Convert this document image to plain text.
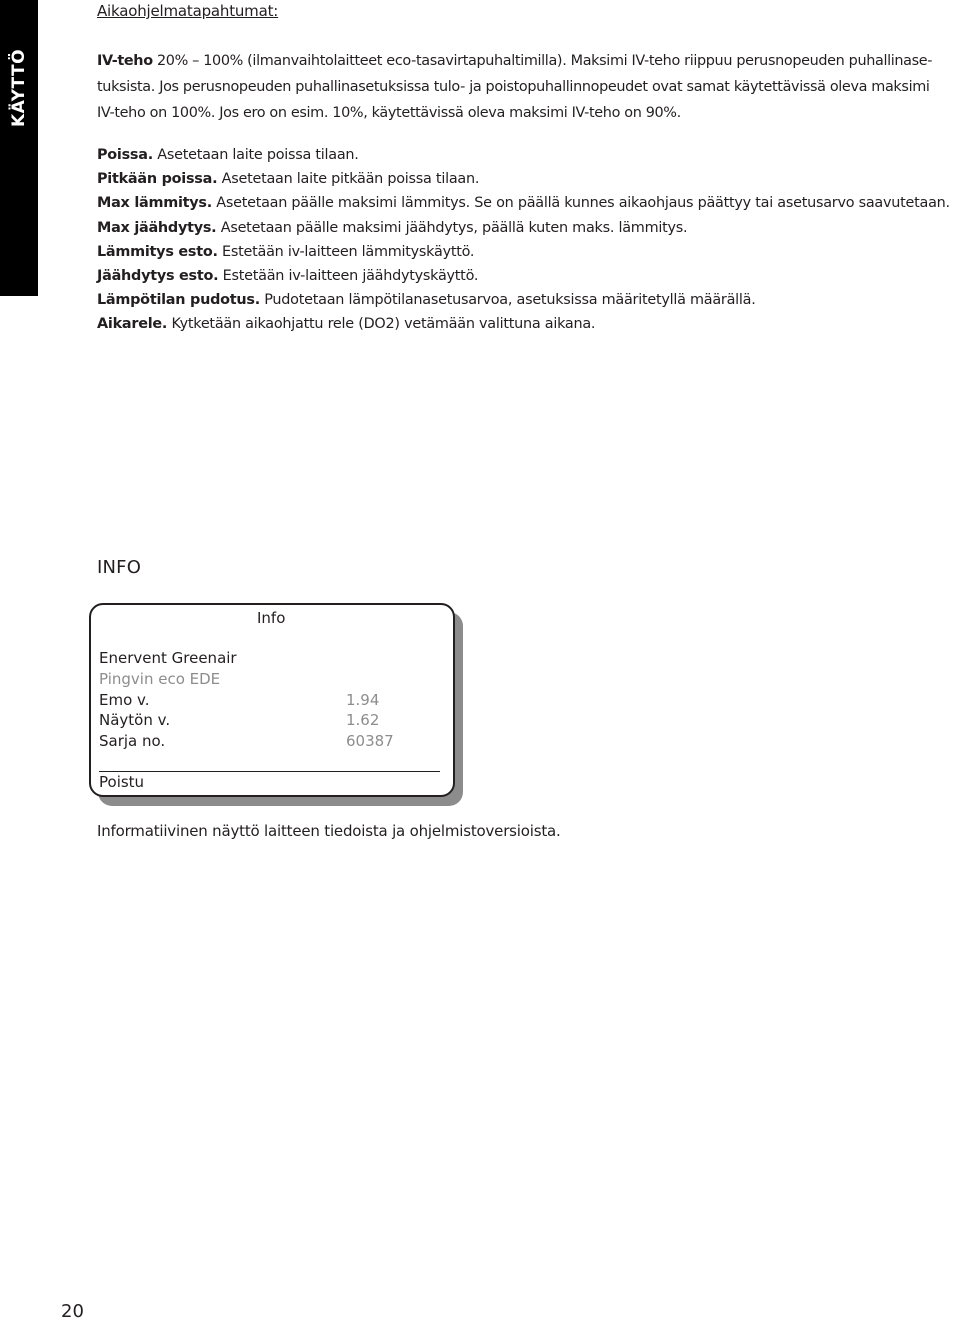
KÄYTTÖ
Aikaohjelmatapahtumat:
IV-teho 20% – 100% (ilmanvaihtolaitteet eco-tasavirtapuhaltimilla). Maksimi IV-teho riippuu perusnopeuden puhallinase-
tuksista. Jos perusnopeuden puhallinasetuksissa tulo- ja poistopuhallinnopeudet ovat samat käytettävissä oleva maksimi
IV-teho on 100%. Jos ero on esim. 10%, käytettävissä oleva maksimi IV-teho on 90%.
Poissa. Asetetaan laite poissa tilaan.
Pitkään poissa. Asetetaan laite pitkään poissa tilaan.
Max lämmitys. Asetetaan päälle maksimi lämmitys. Se on päällä kunnes aikaohjaus päättyy tai asetusarvo saavutetaan.
Max jäähdytys. Asetetaan päälle maksimi jäähdytys, päällä kuten maks. lämmitys.
Lämmitys esto. Estetään iv-laitteen lämmityskäyttö.
Jäähdytys esto. Estetään iv-laitteen jäähdytyskäyttö.
Lämpötilan pudotus. Pudotetaan lämpötilanasetusarvoa, asetuksissa määritetyllä määrällä.
Aikarele. Kytketään aikaohjattu rele (DO2) vetämään valittuna aikana.
INFO
Info
Enervent Greenair
Pingvin eco EDE
Emo v.	1.94
Näytön v.	1.62
Sarja no.	60387
Poistu
Informatiivinen näyttö laitteen tiedoista ja ohjelmistoversioista.
20
